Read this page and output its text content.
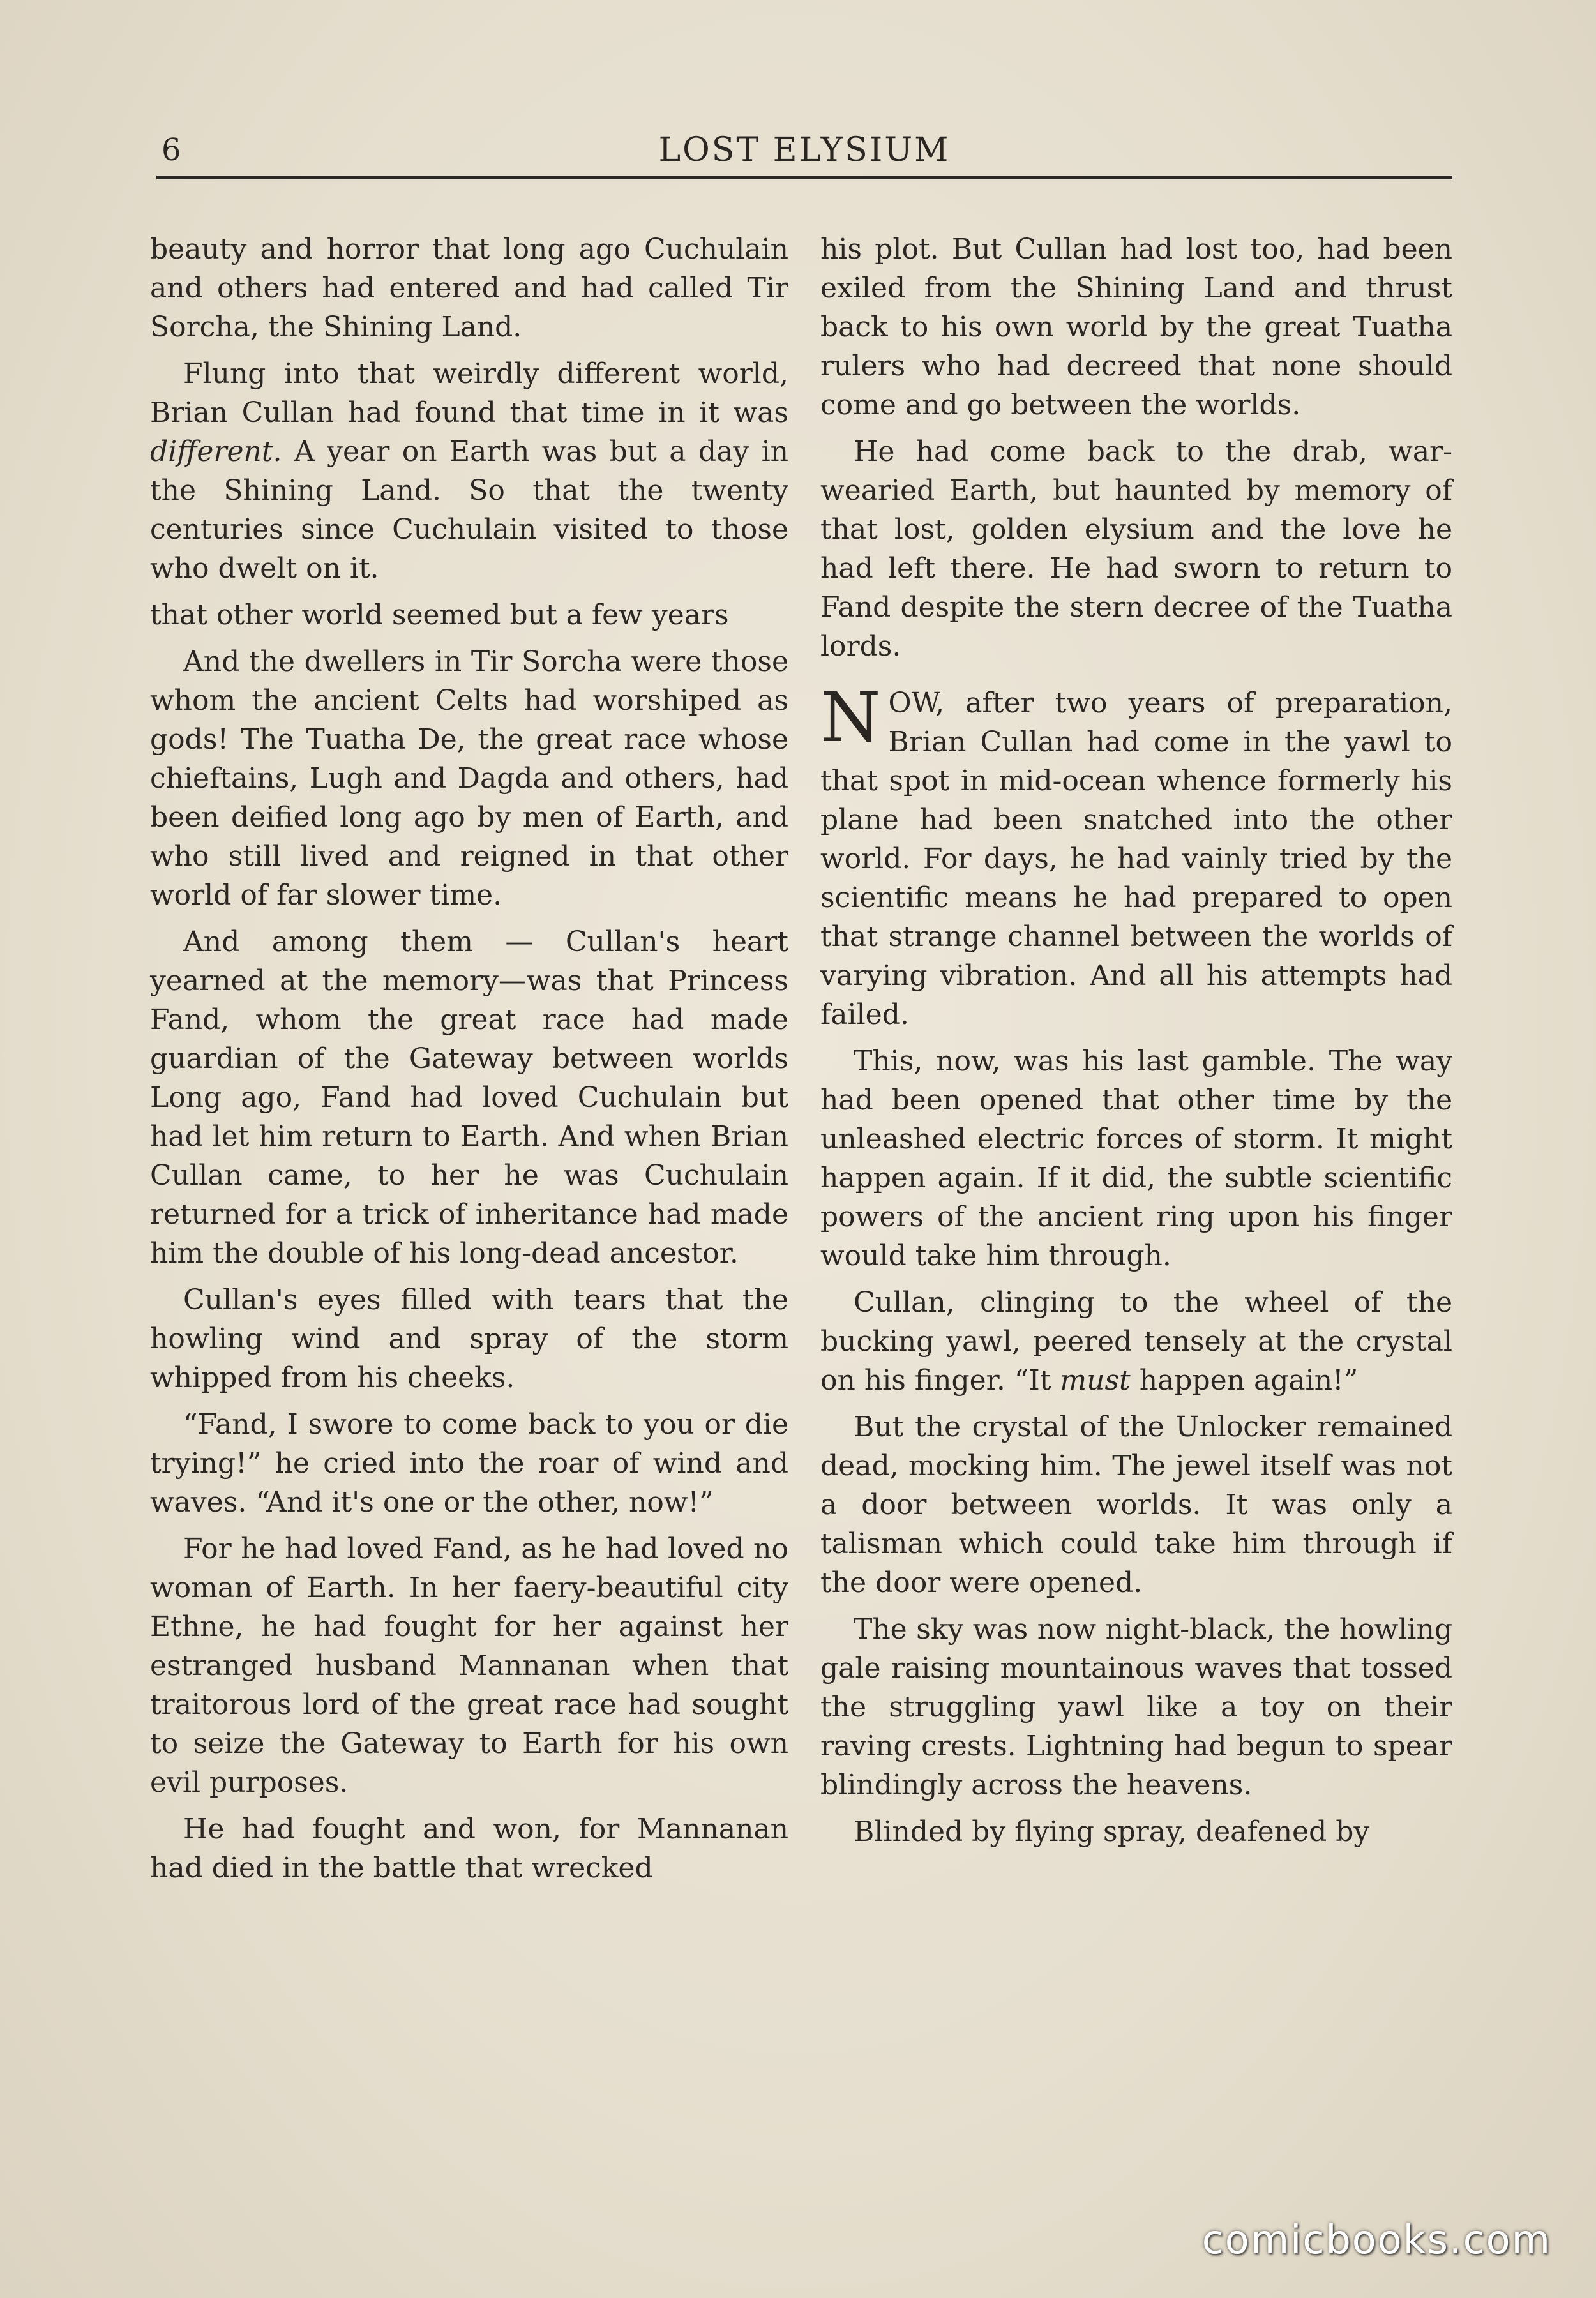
6	LOST ELYSIUM

beauty and horror that long ago Cuchulain and others had entered and had called Tir Sorcha, the Shining Land.

Flung into that weirdly different world, Brian Cullan had found that time in it was different. A year on Earth was but a day in the Shining Land. So that the twenty centuries since Cuchulain visited to those who dwelt on it.

that other world seemed but a few years

And the dwellers in Tir Sorcha were those whom the ancient Celts had worshiped as gods! The Tuatha De, the great race whose chieftains, Lugh and Dagda and others, had been deified long ago by men of Earth, and who still lived and reigned in that other world of far slower time.

And among them — Cullan's heart yearned at the memory—was that Princess Fand, whom the great race had made guardian of the Gateway between worlds Long ago, Fand had loved Cuchulain but had let him return to Earth. And when Brian Cullan came, to her he was Cuchulain returned for a trick of inheritance had made him the double of his long-dead ancestor.

Cullan's eyes filled with tears that the howling wind and spray of the storm whipped from his cheeks.

“Fand, I swore to come back to you or die trying!” he cried into the roar of wind and waves. “And it's one or the other, now!”

For he had loved Fand, as he had loved no woman of Earth. In her faery-beautiful city Ethne, he had fought for her against her estranged husband Mannanan when that traitorous lord of the great race had sought to seize the Gateway to Earth for his own evil purposes.

He had fought and won, for Mannanan had died in the battle that wrecked

his plot. But Cullan had lost too, had been exiled from the Shining Land and thrust back to his own world by the great Tuatha rulers who had decreed that none should come and go between the worlds.

He had come back to the drab, war-wearied Earth, but haunted by memory of that lost, golden elysium and the love he had left there. He had sworn to return to Fand despite the stern decree of the Tuatha lords.

NOW, after two years of preparation, Brian Cullan had come in the yawl to that spot in mid-ocean whence formerly his plane had been snatched into the other world. For days, he had vainly tried by the scientific means he had prepared to open that strange channel between the worlds of varying vibration. And all his attempts had failed.

This, now, was his last gamble. The way had been opened that other time by the unleashed electric forces of storm. It might happen again. If it did, the subtle scientific powers of the ancient ring upon his finger would take him through.

Cullan, clinging to the wheel of the bucking yawl, peered tensely at the crystal on his finger. “It must happen again!”

But the crystal of the Unlocker remained dead, mocking him. The jewel itself was not a door between worlds. It was only a talisman which could take him through if the door were opened.

The sky was now night-black, the howling gale raising mountainous waves that tossed the struggling yawl like a toy on their raving crests. Lightning had begun to spear blindingly across the heavens.

Blinded by flying spray, deafened by

comicbooks.com
